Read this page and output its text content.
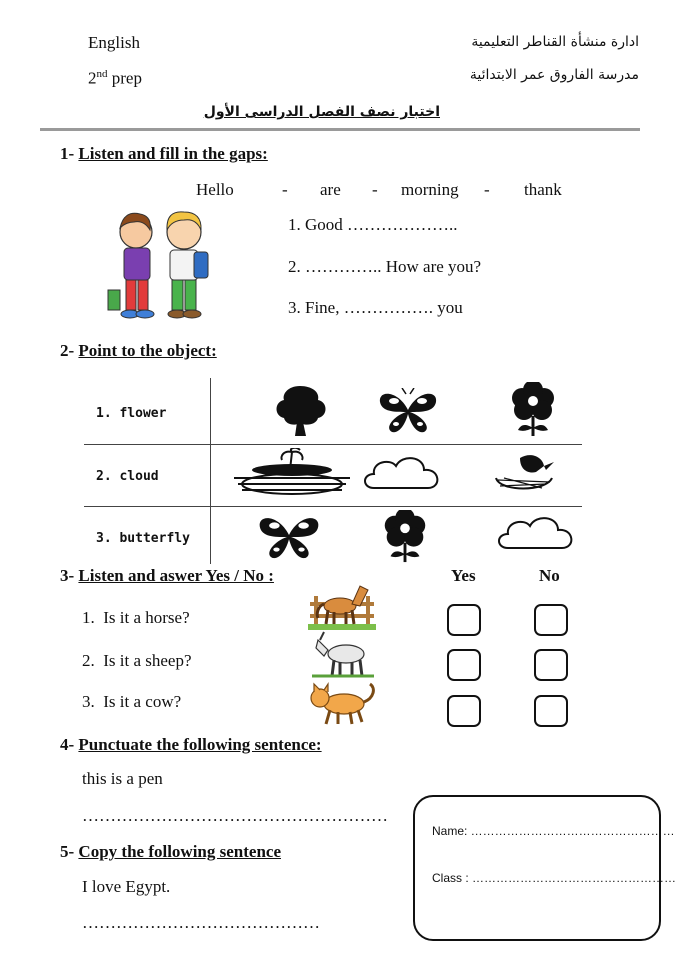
English
2nd prep
ادارة منشأة القناطر التعليمية
مدرسة الفاروق عمر الابتدائية
اختبار نصف الفصل الدراسى الأول
1- Listen and fill in the gaps:
Hello	- are - morning - thank
1. Good ………………..
2. ………….. How are you?
3. Fine, ……………. you
2- Point to the object:
1. flower
2. cloud
3. butterfly
3- Listen and aswer Yes / No :	Yes	No
1. Is it a horse?
2. Is it a sheep?
3. Is it a cow?
4- Punctuate the following sentence:
this is a pen
………………………………………………
5- Copy the following sentence
I love Egypt.
……………………………………
Name: ……………………………………………
Class : ……………………………………………
